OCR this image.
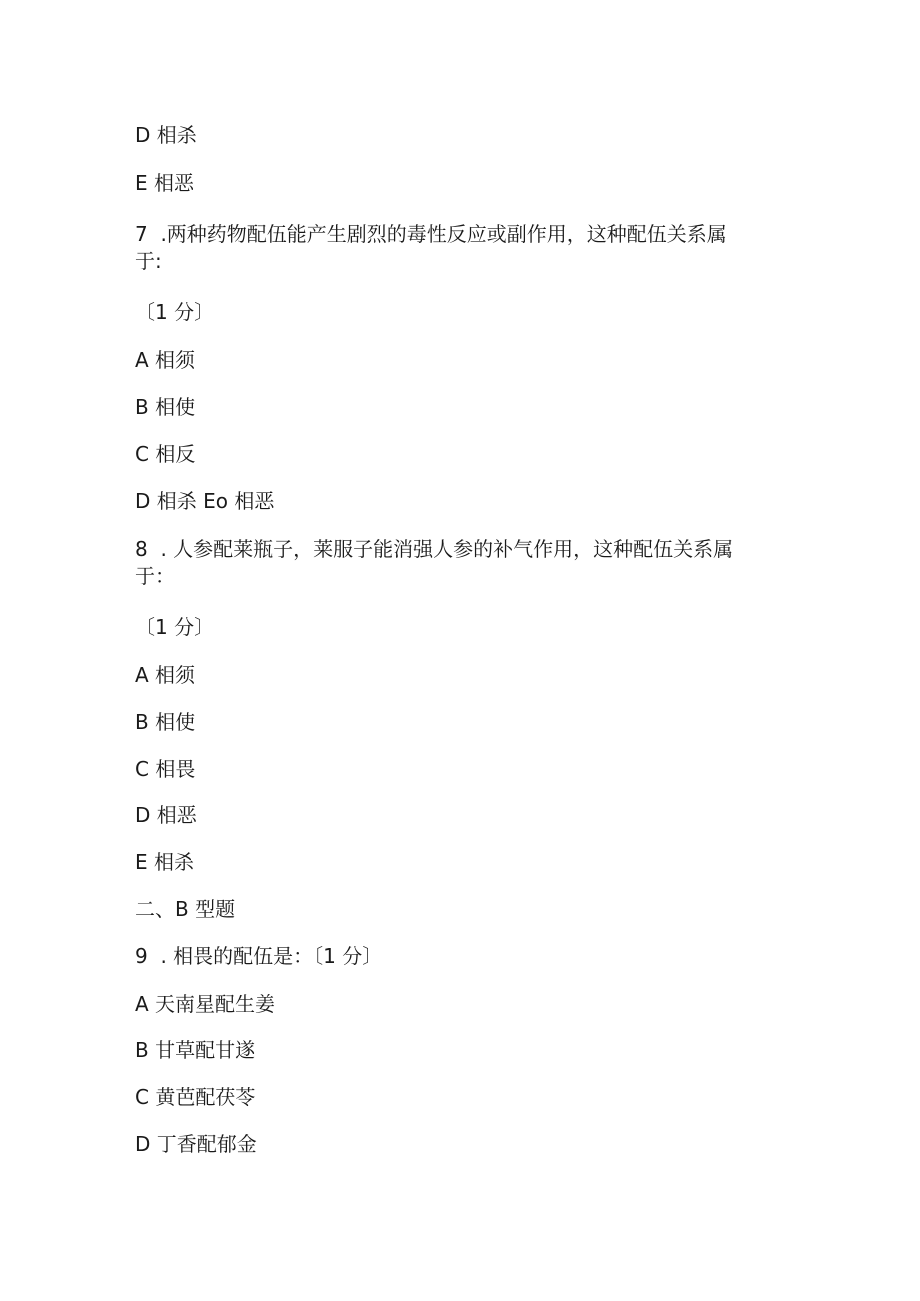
D 相杀
E 相恶
7  .两种药物配伍能产生剧烈的毒性反应或副作用，这种配伍关系属
于:
〔1 分〕
A 相须
B 相使
C 相反
D 相杀 Eo 相恶
8  . 人参配莱瓶子，莱服子能消强人参的补气作用，这种配伍关系属
于：
〔1 分〕
A 相须
B 相使
C 相畏
D 相恶
E 相杀
二、B 型题
9  . 相畏的配伍是：〔1 分〕
A 天南星配生姜
B 甘草配甘遂
C 黄芭配茯苓
D 丁香配郁金
